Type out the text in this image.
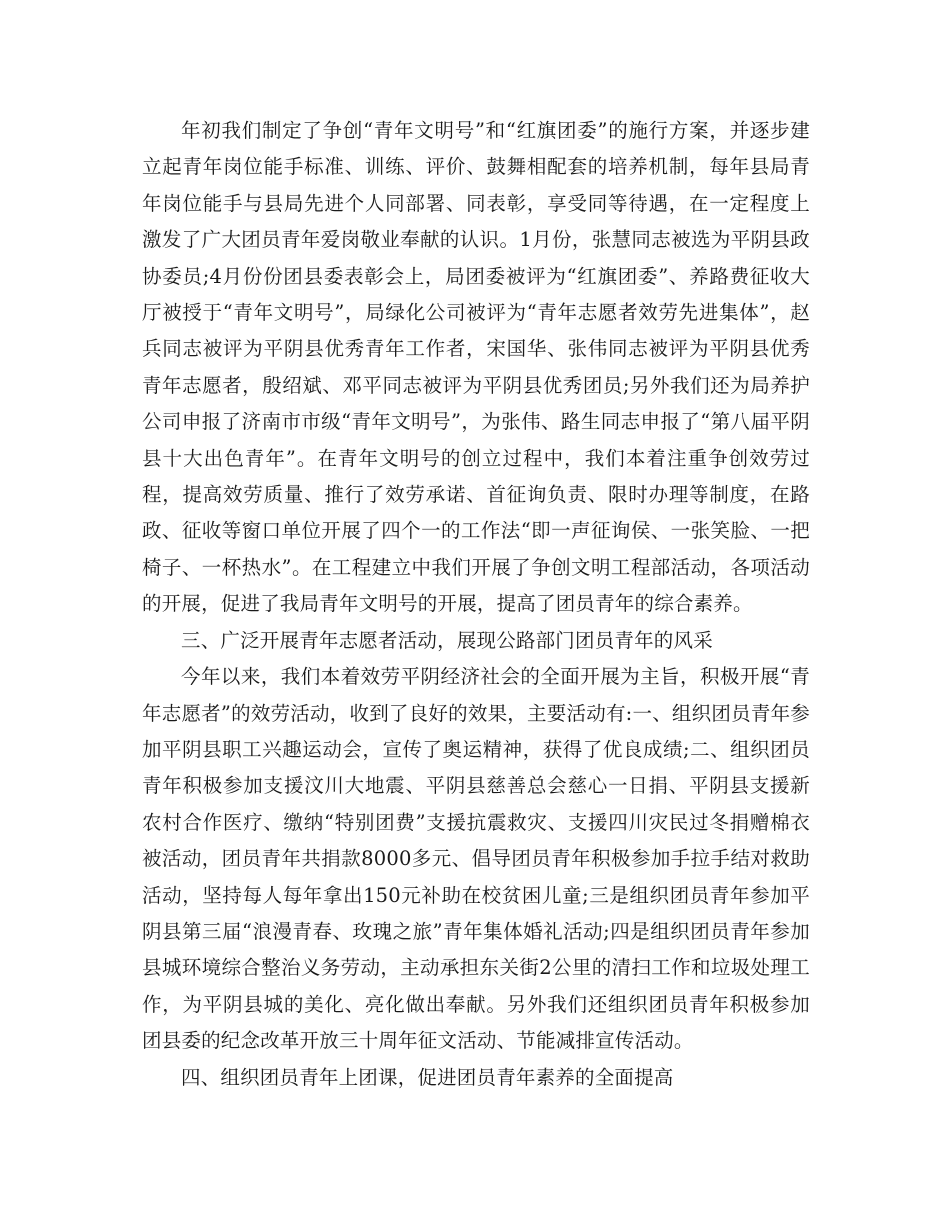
年初我们制定了争创“青年文明号”和“红旗团委”的施行方案，并逐步建立起青年岗位能手标准、训练、评价、鼓舞相配套的培养机制，每年县局青年岗位能手与县局先进个人同部署、同表彰，享受同等待遇，在一定程度上激发了广大团员青年爱岗敬业奉献的认识。1月份，张慧同志被选为平阴县政协委员;4月份份团县委表彰会上，局团委被评为“红旗团委”、养路费征收大厅被授于“青年文明号”，局绿化公司被评为“青年志愿者效劳先进集体”，赵兵同志被评为平阴县优秀青年工作者，宋国华、张伟同志被评为平阴县优秀青年志愿者，殷绍斌、邓平同志被评为平阴县优秀团员;另外我们还为局养护公司申报了济南市市级“青年文明号”，为张伟、路生同志申报了“第八届平阴县十大出色青年”。在青年文明号的创立过程中，我们本着注重争创效劳过程，提高效劳质量、推行了效劳承诺、首征询负责、限时办理等制度，在路政、征收等窗口单位开展了四个一的工作法“即一声征询侯、一张笑脸、一把椅子、一杯热水”。在工程建立中我们开展了争创文明工程部活动，各项活动的开展，促进了我局青年文明号的开展，提高了团员青年的综合素养。

三、广泛开展青年志愿者活动，展现公路部门团员青年的风采

今年以来，我们本着效劳平阴经济社会的全面开展为主旨，积极开展“青年志愿者”的效劳活动，收到了良好的效果，主要活动有:一、组织团员青年参加平阴县职工兴趣运动会，宣传了奥运精神，获得了优良成绩;二、组织团员青年积极参加支援汶川大地震、平阴县慈善总会慈心一日捐、平阴县支援新农村合作医疗、缴纳“特别团费”支援抗震救灾、支援四川灾民过冬捐赠棉衣被活动，团员青年共捐款8000多元、倡导团员青年积极参加手拉手结对救助活动，坚持每人每年拿出150元补助在校贫困儿童;三是组织团员青年参加平阴县第三届“浪漫青春、玫瑰之旅”青年集体婚礼活动;四是组织团员青年参加县城环境综合整治义务劳动，主动承担东关街2公里的清扫工作和垃圾处理工作，为平阴县城的美化、亮化做出奉献。另外我们还组织团员青年积极参加团县委的纪念改革开放三十周年征文活动、节能减排宣传活动。

四、组织团员青年上团课，促进团员青年素养的全面提高
